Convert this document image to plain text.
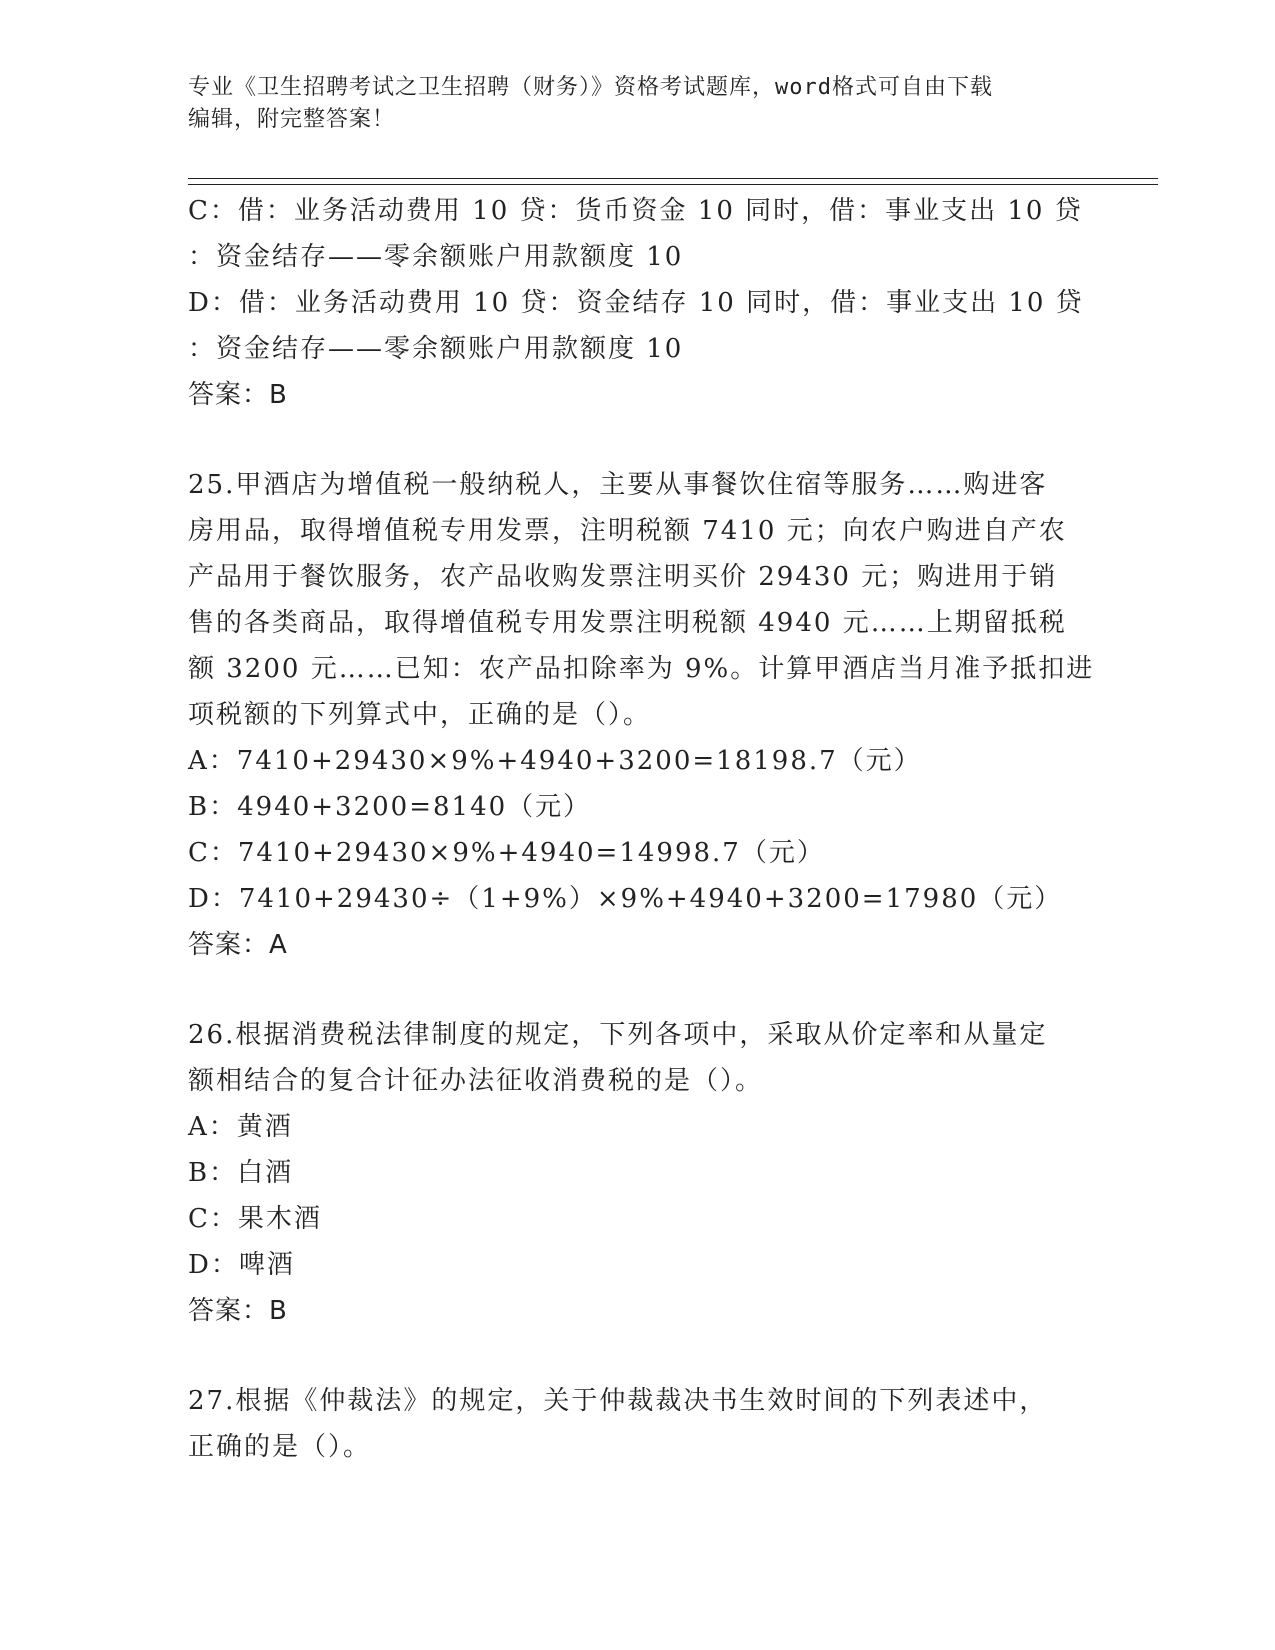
专业《卫生招聘考试之卫生招聘（财务）》资格考试题库，word格式可自由下载
编辑，附完整答案！
C：借：业务活动费用 10 贷：货币资金 10 同时，借：事业支出 10 贷
：资金结存——零余额账户用款额度 10
D：借：业务活动费用 10 贷：资金结存 10 同时，借：事业支出 10 贷
：资金结存——零余额账户用款额度 10
答案：B
25.甲酒店为增值税一般纳税人，主要从事餐饮住宿等服务……购进客
房用品，取得增值税专用发票，注明税额 7410 元；向农户购进自产农
产品用于餐饮服务，农产品收购发票注明买价 29430 元；购进用于销
售的各类商品，取得增值税专用发票注明税额 4940 元……上期留抵税
额 3200 元……已知：农产品扣除率为 9%。计算甲酒店当月准予抵扣进
项税额的下列算式中，正确的是（）。
A：7410+29430×9%+4940+3200=18198.7（元）
B：4940+3200=8140（元）
C：7410+29430×9%+4940=14998.7（元）
D：7410+29430÷（1+9%）×9%+4940+3200=17980（元）
答案：A
26.根据消费税法律制度的规定，下列各项中，采取从价定率和从量定
额相结合的复合计征办法征收消费税的是（）。
A：黄酒
B：白酒
C：果木酒
D：啤酒
答案：B
27.根据《仲裁法》的规定，关于仲裁裁决书生效时间的下列表述中，
正确的是（）。
